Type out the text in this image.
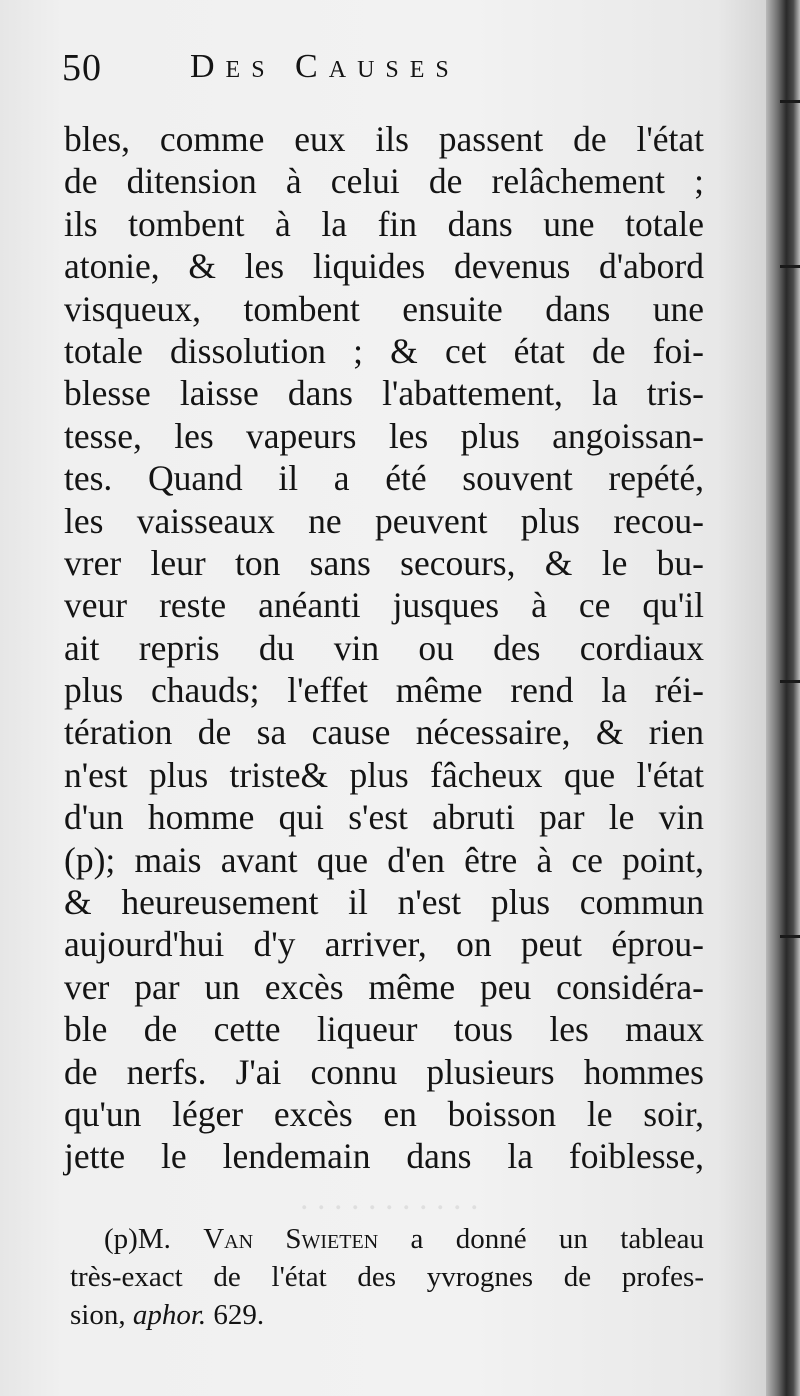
. . . . . . . . . . .
50	Des Causes
bles, comme eux ils passent de l'état
de ditension à celui de relâchement ;
ils tombent à la fin dans une totale
atonie, & les liquides devenus d'abord
visqueux, tombent ensuite dans une
totale dissolution ; & cet état de foi-
blesse laisse dans l'abattement, la tris-
tesse, les vapeurs les plus angoissan-
tes. Quand il a été souvent repété,
les vaisseaux ne peuvent plus recou-
vrer leur ton sans secours, & le bu-
veur reste anéanti jusques à ce qu'il
ait repris du vin ou des cordiaux
plus chauds; l'effet même rend la réi-
tération de sa cause nécessaire, & rien
n'est plus triste& plus fâcheux que l'état
d'un homme qui s'est abruti par le vin
(p); mais avant que d'en être à ce point,
& heureusement il n'est plus commun
aujourd'hui d'y arriver, on peut éprou-
ver par un excès même peu considéra-
ble de cette liqueur tous les maux
de nerfs. J'ai connu plusieurs hommes
qu'un léger excès en boisson le soir,
jette le lendemain dans la foiblesse,
(p)M. Van Swieten a donné un tableau
très-exact de l'état des yvrognes de profes-
sion, aphor. 629.
